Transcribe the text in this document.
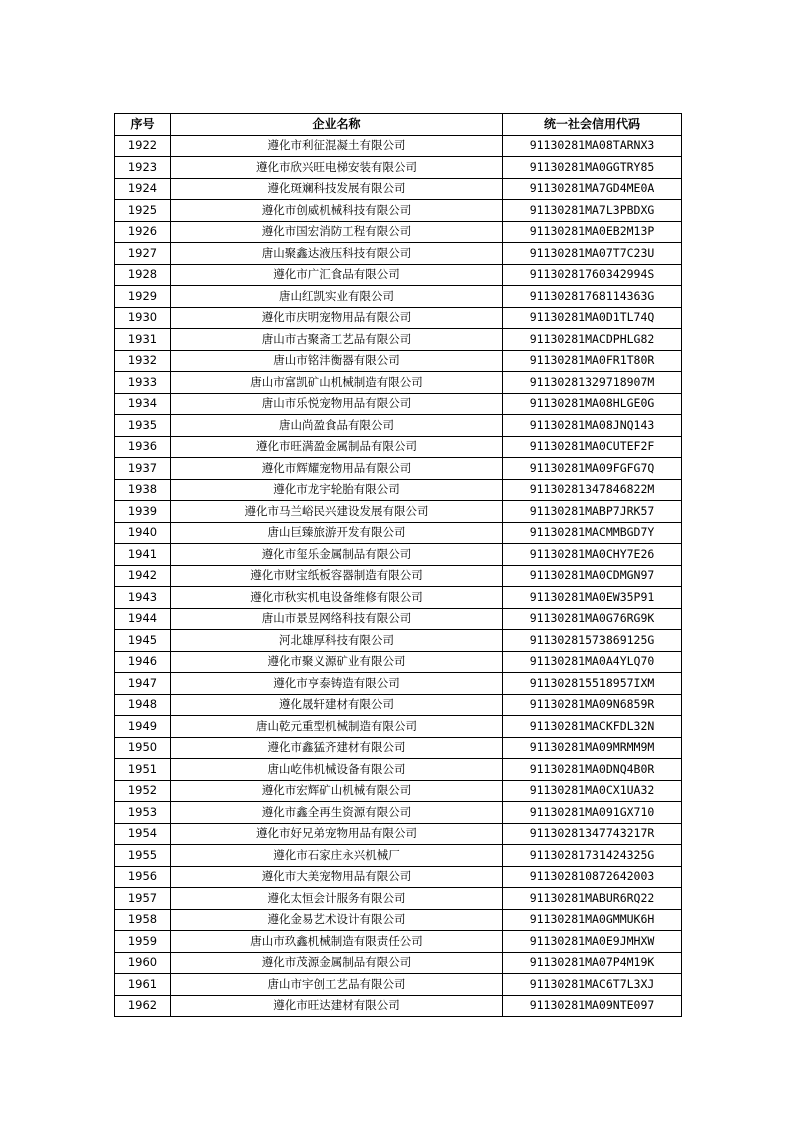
序号	企业名称	统一社会信用代码
1922	遵化市利征混凝土有限公司	91130281MA08TARNX3
1923	遵化市欣兴旺电梯安装有限公司	91130281MA0GGTRY85
1924	遵化斑斓科技发展有限公司	91130281MA7GD4ME0A
1925	遵化市创威机械科技有限公司	91130281MA7L3PBDXG
1926	遵化市国宏消防工程有限公司	91130281MA0EB2M13P
1927	唐山聚鑫达液压科技有限公司	91130281MA07T7C23U
1928	遵化市广汇食品有限公司	91130281760342994S
1929	唐山红凯实业有限公司	91130281768114363G
1930	遵化市庆明宠物用品有限公司	91130281MA0D1TL74Q
1931	唐山市古聚斋工艺品有限公司	91130281MACDPHLG82
1932	唐山市铭沣衡器有限公司	91130281MA0FR1T80R
1933	唐山市富凯矿山机械制造有限公司	91130281329718907M
1934	唐山市乐悦宠物用品有限公司	91130281MA08HLGE0G
1935	唐山尚盈食品有限公司	91130281MA08JNQ143
1936	遵化市旺满盈金属制品有限公司	91130281MA0CUTEF2F
1937	遵化市辉耀宠物用品有限公司	91130281MA09FGFG7Q
1938	遵化市龙宇轮胎有限公司	91130281347846822M
1939	遵化市马兰峪民兴建设发展有限公司	91130281MABP7JRK57
1940	唐山巨臻旅游开发有限公司	91130281MACMMBGD7Y
1941	遵化市玺乐金属制品有限公司	91130281MA0CHY7E26
1942	遵化市财宝纸板容器制造有限公司	91130281MA0CDMGN97
1943	遵化市秋实机电设备维修有限公司	91130281MA0EW35P91
1944	唐山市景昱网络科技有限公司	91130281MA0G76RG9K
1945	河北雄厚科技有限公司	91130281573869125G
1946	遵化市聚义源矿业有限公司	91130281MA0A4YLQ70
1947	遵化市亨泰铸造有限公司	911302815518957IXM
1948	遵化晟轩建材有限公司	91130281MA09N6859R
1949	唐山乾元重型机械制造有限公司	91130281MACKFDL32N
1950	遵化市鑫猛齐建材有限公司	91130281MA09MRMM9M
1951	唐山屹伟机械设备有限公司	91130281MA0DNQ4B0R
1952	遵化市宏辉矿山机械有限公司	91130281MA0CX1UA32
1953	遵化市鑫全再生资源有限公司	91130281MA091GX710
1954	遵化市好兄弟宠物用品有限公司	91130281347743217R
1955	遵化市石家庄永兴机械厂	91130281731424325G
1956	遵化市大美宠物用品有限公司	91130281087264200З
1957	遵化太恒会计服务有限公司	91130281MABUR6RQ22
1958	遵化金易艺术设计有限公司	91130281MA0GMMUK6H
1959	唐山市玖鑫机械制造有限责任公司	91130281MA0E9JMHXW
1960	遵化市茂源金属制品有限公司	91130281MA07P4M19K
1961	唐山市宇创工艺品有限公司	91130281MAC6T7L3XJ
1962	遵化市旺达建材有限公司	91130281MA09NTE097
